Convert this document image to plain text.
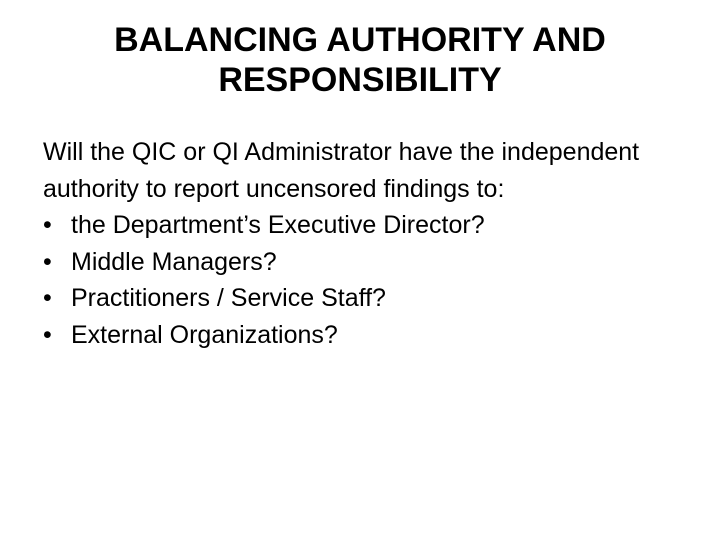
BALANCING AUTHORITY AND
RESPONSIBILITY

Will the QIC or QI Administrator have the independent authority to report uncensored findings to:

• the Department’s Executive Director?
• Middle Managers?
• Practitioners / Service Staff?
• External Organizations?
